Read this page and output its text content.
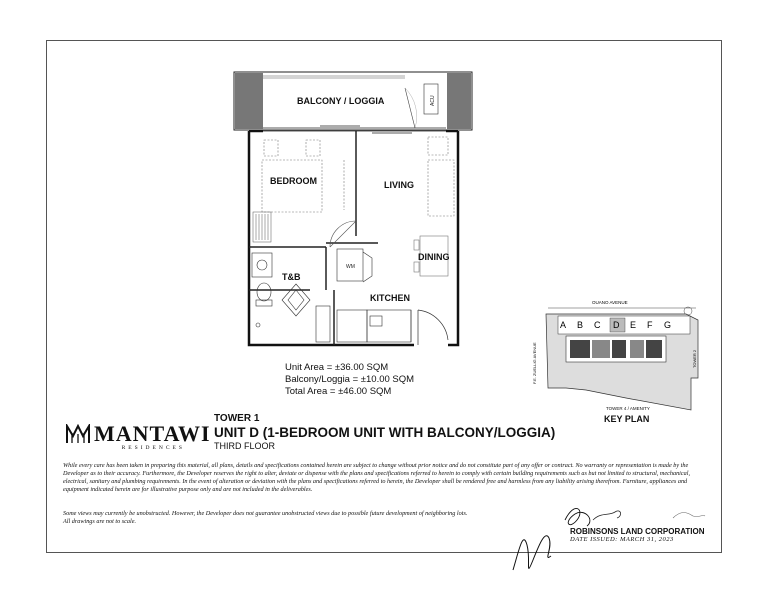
BALCONY / LOGGIA
BEDROOM	LIVING
T&B
DINING
KITCHEN
WM
ACU
Unit Area = ±36.00 SQM
Balcony/Loggia = ±10.00 SQM
Total Area = ±46.00 SQM
OUANO AVENUE
A B C D E F G
F.E. ZUELLIG AVENUE	TOWER 2
TOWER 4 / AMENITY
KEY PLAN
MANTAWI
RESIDENCES
TOWER 1
UNIT D (1-BEDROOM UNIT WITH BALCONY/LOGGIA)
THIRD FLOOR
While every care has been taken in preparing this material, all plans, details and specifications contained herein are subject to change without prior notice and do not constitute part of any offer or contract. No warranty or representation is made by the Developer as to their accuracy. Furthermore, the Developer reserves the right to alter, deviate or dispense with the plans and specifications referred to herein to comply with certain building requirements such as but not limited to structural, mechanical, electrical, sanitary and plumbing requirements. In the event of alteration or deviation with the plans and specifications referred to herein, the Developer shall be rendered free and harmless from any liability arising therefrom. Furniture, appliances and equipment indicated herein are for illustrative purpose only and are not included in the deliverables.
Some views may currently be unobstructed. However, the Developer does not guarantee unobstructed views due to possible future development of neighboring lots.
All drawings are not to scale.
ROBINSONS LAND CORPORATION
DATE ISSUED: MARCH 31, 2023
